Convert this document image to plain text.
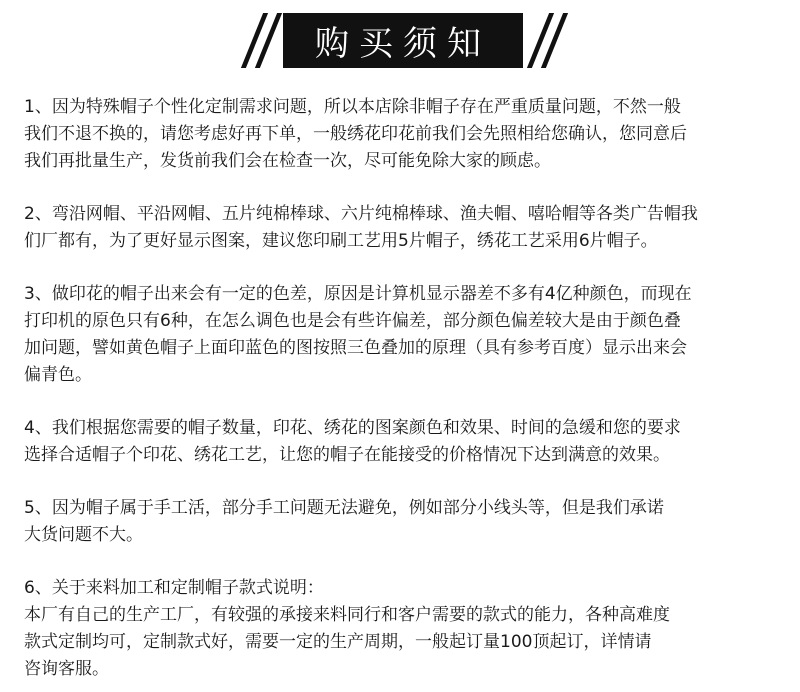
购买须知

1、因为特殊帽子个性化定制需求问题，所以本店除非帽子存在严重质量问题，不然一般
我们不退不换的，请您考虑好再下单，一般绣花印花前我们会先照相给您确认，您同意后
我们再批量生产，发货前我们会在检查一次，尽可能免除大家的顾虑。

2、弯沿网帽、平沿网帽、五片纯棉棒球、六片纯棉棒球、渔夫帽、嘻哈帽等各类广告帽我
们厂都有，为了更好显示图案，建议您印刷工艺用5片帽子，绣花工艺采用6片帽子。

3、做印花的帽子出来会有一定的色差，原因是计算机显示器差不多有4亿种颜色，而现在
打印机的原色只有6种，在怎么调色也是会有些许偏差，部分颜色偏差较大是由于颜色叠
加问题，譬如黄色帽子上面印蓝色的图按照三色叠加的原理（具有参考百度）显示出来会
偏青色。

4、我们根据您需要的帽子数量，印花、绣花的图案颜色和效果、时间的急缓和您的要求
选择合适帽子个印花、绣花工艺，让您的帽子在能接受的价格情况下达到满意的效果。

5、因为帽子属于手工活，部分手工问题无法避免，例如部分小线头等，但是我们承诺
大货问题不大。

6、关于来料加工和定制帽子款式说明：
本厂有自己的生产工厂，有较强的承接来料同行和客户需要的款式的能力，各种高难度
款式定制均可，定制款式好，需要一定的生产周期，一般起订量100顶起订，详情请
咨询客服。
